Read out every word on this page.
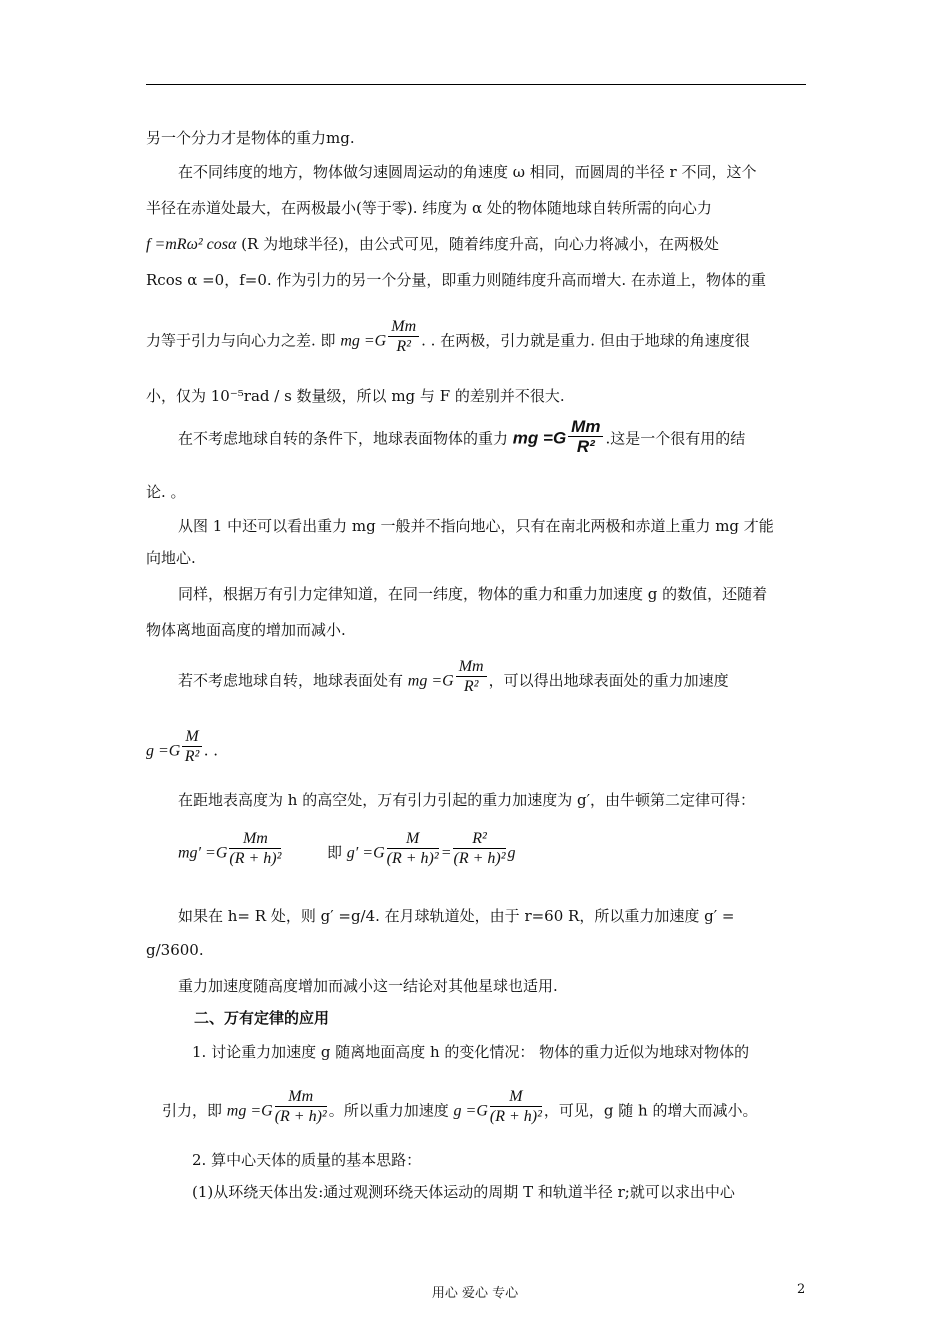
另一个分力才是物体的重力mg.
在不同纬度的地方，物体做匀速圆周运动的角速度 ω 相同，而圆周的半径 r 不同，这个
半径在赤道处最大，在两极最小(等于零). 纬度为 α 处的物体随地球自转所需的向心力
f =mRω² cosα (R 为地球半径)，由公式可见，随着纬度升高，向心力将减小，在两极处
Rcos α =0，f=0. 作为引力的另一个分量，即重力则随纬度升高而增大. 在赤道上，物体的重
力等于引力与向心力之差. 即 mg $=G \frac{Mm}{\text{R²}}$ . . 在两极，引力就是重力. 但由于地球的角速度很
小，仅为 10⁻⁵rad / s 数量级，所以 mg 与 F 的差别并不很大.
在不考虑地球自转的条件下，地球表面物体的重力 mg $=G \frac{Mm}{\text{R²}}$ .这是一个很有用的结
论. 。
从图 1 中还可以看出重力 mg 一般并不指向地心，只有在南北两极和赤道上重力 mg 才能
向地心.
同样，根据万有引力定律知道，在同一纬度，物体的重力和重力加速度 g 的数值，还随着
物体离地面高度的增加而减小.
若不考虑地球自转，地球表面处有 mg $=G \frac{Mm}{\text{R²}}$ ，可以得出地球表面处的重力加速度
$g =G \frac{M}{\text{R²}}$ . .
在距地表高度为 h 的高空处，万有引力引起的重力加速度为 g′，由牛顿第二定律可得：
$mg' =G \frac{Mm}{\text{(R + h)²}}$	即 $g' =G \frac{M}{\text{(R + h)²}} = \frac{\text{R²}}{\text{(R + h)²}}$ g
如果在 h= R 处，则 g′ =g/4. 在月球轨道处，由于 r=60 R，所以重力加速度 g′ =
g/3600.
重力加速度随高度增加而减小这一结论对其他星球也适用.
二、万有定律的应用
1. 讨论重力加速度 g 随离地面高度 h 的变化情况： 物体的重力近似为地球对物体的
引力，即 mg $=G \frac{Mm}{\text{(R + h)²}}$ 。所以重力加速度 $g =G \frac{M}{\text{(R + h)²}}$ ，可见，g 随 h 的增大而减小。
2. 算中心天体的质量的基本思路：
(1)从环绕天体出发:通过观测环绕天体运动的周期 T 和轨道半径 r;就可以求出中心
用心 爱心 专心	2
